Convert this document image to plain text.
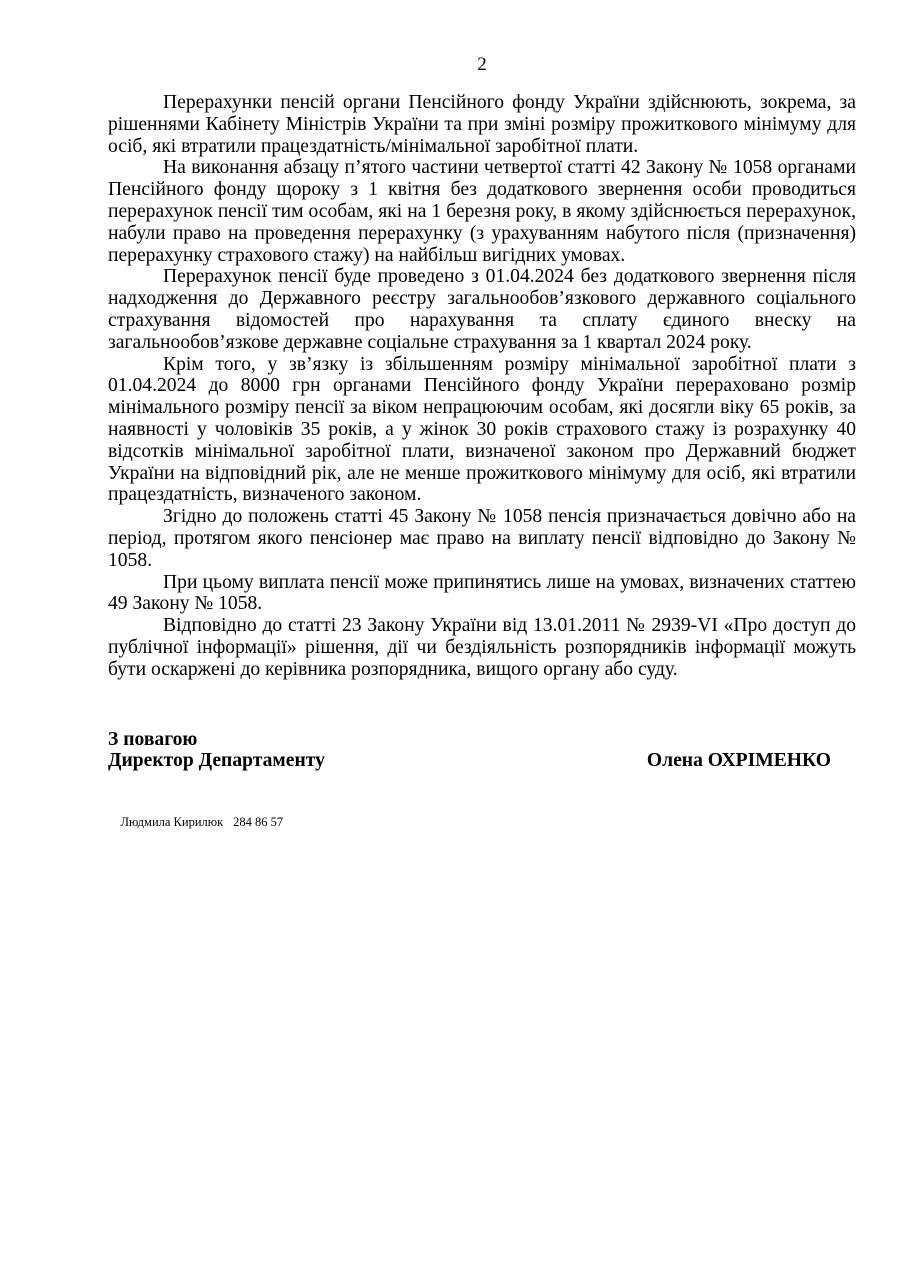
2

Перерахунки пенсій органи Пенсійного фонду України здійснюють, зокрема, за рішеннями Кабінету Міністрів України та при зміні розміру прожиткового мінімуму для осіб, які втратили працездатність/мінімальної заробітної плати.

На виконання абзацу п’ятого частини четвертої статті 42 Закону № 1058 органами Пенсійного фонду щороку з 1 квітня без додаткового звернення особи проводиться перерахунок пенсії тим особам, які на 1 березня року, в якому здійснюється перерахунок, набули право на проведення перерахунку (з урахуванням набутого після (призначення) перерахунку страхового стажу) на найбільш вигідних умовах.

Перерахунок пенсії буде проведено з 01.04.2024 без додаткового звернення після надходження до Державного реєстру загальнообов’язкового державного соціального страхування відомостей про нарахування та сплату єдиного внеску на загальнообов’язкове державне соціальне страхування за 1 квартал 2024 року.

Крім того, у зв’язку із збільшенням розміру мінімальної заробітної плати з 01.04.2024 до 8000 грн органами Пенсійного фонду України перераховано розмір мінімального розміру пенсії за віком непрацюючим особам, які досягли віку 65 років, за наявності у чоловіків 35 років, а у жінок 30 років страхового стажу із розрахунку 40 відсотків мінімальної заробітної плати, визначеної законом про Державний бюджет України на відповідний рік, але не менше прожиткового мінімуму для осіб, які втратили працездатність, визначеного законом.

Згідно до положень статті 45 Закону № 1058 пенсія призначається довічно або на період, протягом якого пенсіонер має право на виплату пенсії відповідно до Закону № 1058.

При цьому виплата пенсії може припинятись лише на умовах, визначених статтею 49 Закону № 1058.

Відповідно до статті 23 Закону України від 13.01.2011 № 2939-VI «Про доступ до публічної інформації» рішення, дії чи бездіяльність розпорядників інформації можуть бути оскаржені до керівника розпорядника, вищого органу або суду.

З повагою
Директор Департаменту	Олена ОХРІМЕНКО

Людмила Кирилюк 284 86 57
